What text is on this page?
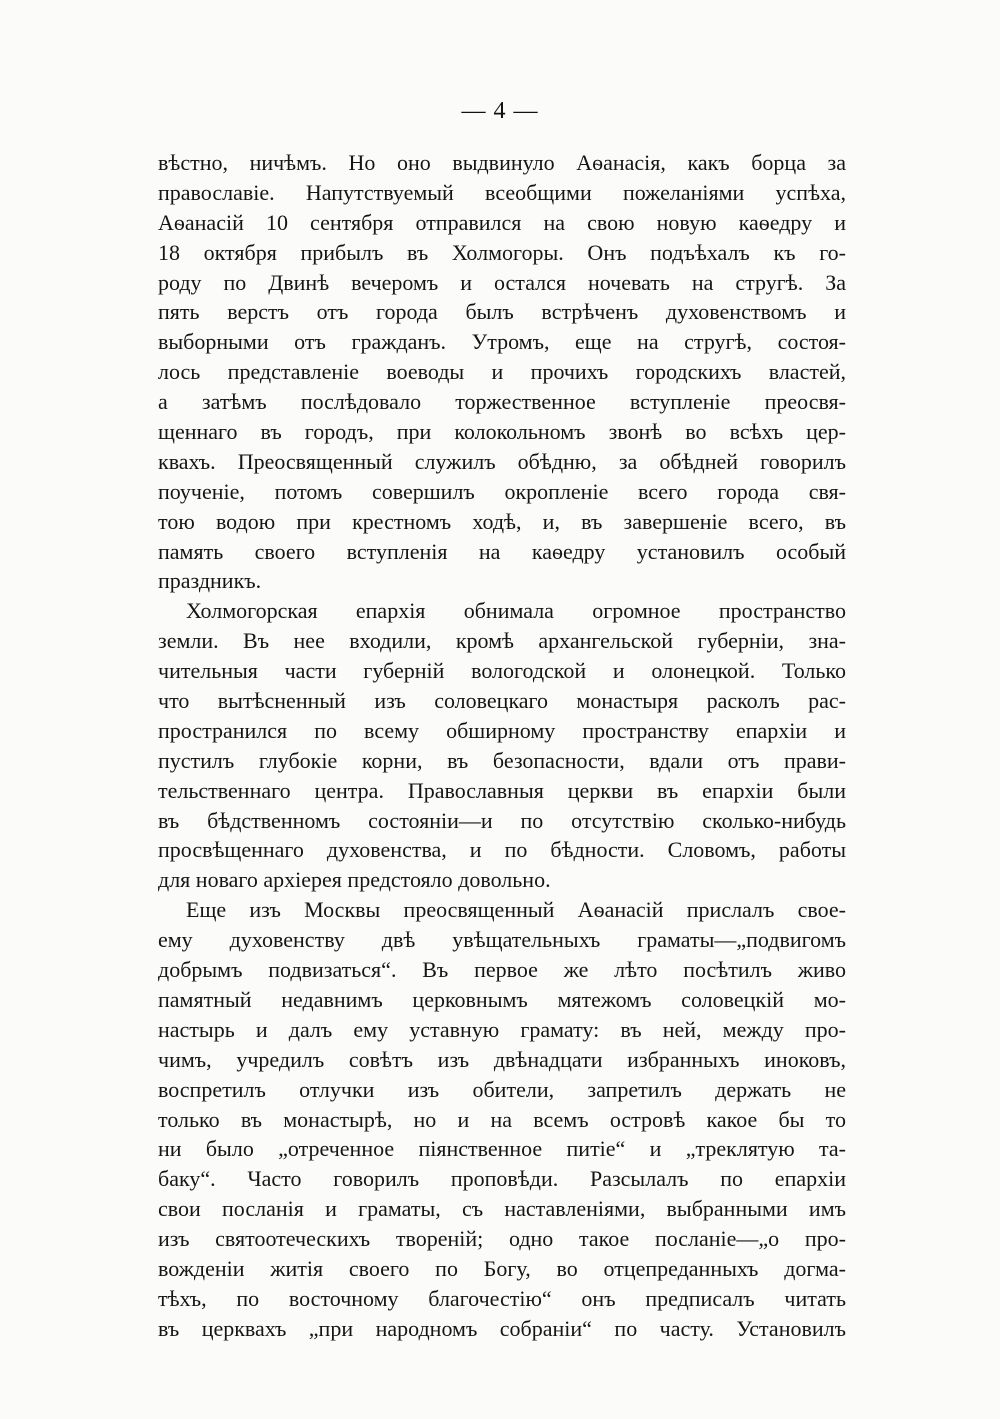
— 4 —
вѣстно, ничѣмъ. Но оно выдвинуло Аѳанасія, какъ борца за
православіе. Напутствуемый всеобщими пожеланіями успѣха,
Аѳанасій 10 сентября отправился на свою новую каѳедру и
18 октября прибылъ въ Холмогоры. Онъ подъѣхалъ къ го-
роду по Двинѣ вечеромъ и остался ночевать на стругѣ. За
пять верстъ отъ города былъ встрѣченъ духовенствомъ и
выборными отъ гражданъ. Утромъ, еще на стругѣ, состоя-
лось представленіе воеводы и прочихъ городскихъ властей,
а затѣмъ послѣдовало торжественное вступленіе преосвя-
щеннаго въ городъ, при колокольномъ звонѣ во всѣхъ цер-
квахъ. Преосвященный служилъ обѣдню, за обѣдней говорилъ
поученіе, потомъ совершилъ окропленіе всего города свя-
тою водою при крестномъ ходѣ, и, въ завершеніе всего, въ
память своего вступленія на каѳедру установилъ особый
праздникъ.
Холмогорская епархія обнимала огромное пространство
земли. Въ нее входили, кромѣ архангельской губерніи, зна-
чительныя части губерній вологодской и олонецкой. Только
что вытѣсненный изъ соловецкаго монастыря расколъ рас-
пространился по всему обширному пространству епархіи и
пустилъ глубокіе корни, въ безопасности, вдали отъ прави-
тельственнаго центра. Православныя церкви въ епархіи были
въ бѣдственномъ состояніи—и по отсутствію сколько-нибудь
просвѣщеннаго духовенства, и по бѣдности. Словомъ, работы
для новаго архіерея предстояло довольно.
Еще изъ Москвы преосвященный Аѳанасій прислалъ свое-
ему духовенству двѣ увѣщательныхъ граматы—„подвигомъ
добрымъ подвизаться“. Въ первое же лѣто посѣтилъ живо
памятный недавнимъ церковнымъ мятежомъ соловецкій мо-
настырь и далъ ему уставную грамату: въ ней, между про-
чимъ, учредилъ совѣтъ изъ двѣнадцати избранныхъ иноковъ,
воспретилъ отлучки изъ обители, запретилъ держать не
только въ монастырѣ, но и на всемъ островѣ какое бы то
ни было „отреченное піянственное питіе“ и „треклятую та-
баку“. Часто говорилъ проповѣди. Разсылалъ по епархіи
свои посланія и граматы, съ наставленіями, выбранными имъ
изъ святоотеческихъ твореній; одно такое посланіе—„о про-
вожденіи житія своего по Богу, во отцепреданныхъ догма-
тѣхъ, по восточному благочестію“ онъ предписалъ читать
въ церквахъ „при народномъ собраніи“ по часту. Установилъ
